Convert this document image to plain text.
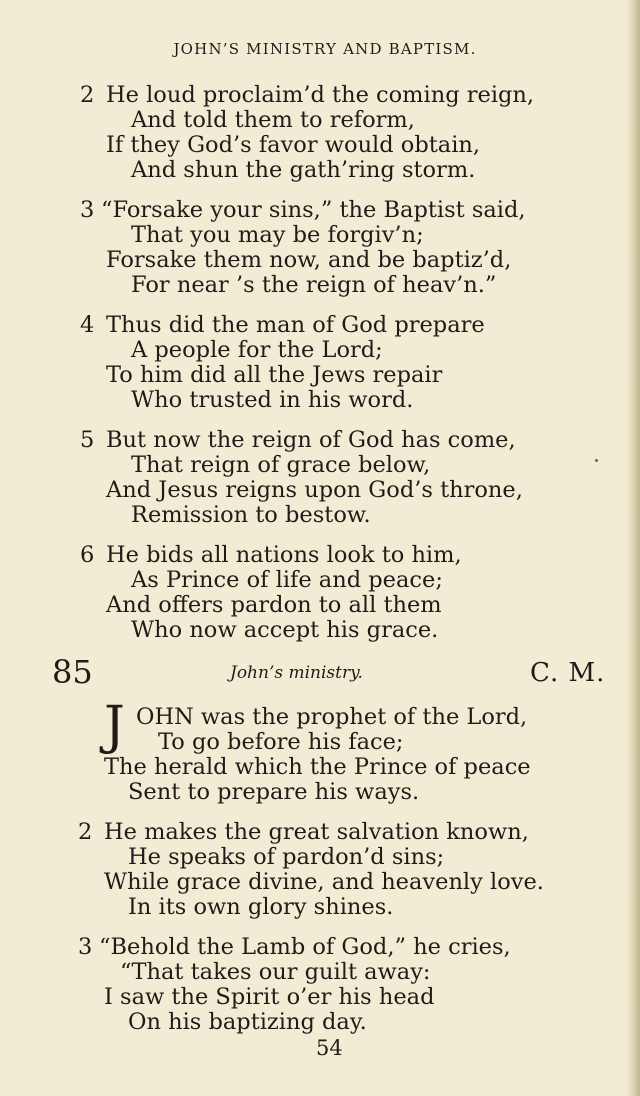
JOHN’S MINISTRY AND BAPTISM.
2 He loud proclaim’d the coming reign,
And told them to reform,
If they God’s favor would obtain,
And shun the gath’ring storm.
3 “Forsake your sins,” the Baptist said,
That you may be forgiv’n;
Forsake them now, and be baptiz’d,
For near ’s the reign of heav’n.”
4 Thus did the man of God prepare
A people for the Lord;
To him did all the Jews repair
Who trusted in his word.
5 But now the reign of God has come,
That reign of grace below,
And Jesus reigns upon God’s throne,
Remission to bestow.
6 He bids all nations look to him,
As Prince of life and peace;
And offers pardon to all them
Who now accept his grace.
85	John’s ministry.	C. M.
J OHN was the prophet of the Lord,
To go before his face;
The herald which the Prince of peace
Sent to prepare his ways.
2 He makes the great salvation known,
He speaks of pardon’d sins;
While grace divine, and heavenly love.
In its own glory shines.
3 “Behold the Lamb of God,” he cries,
“That takes our guilt away:
I saw the Spirit o’er his head
On his baptizing day.
54
